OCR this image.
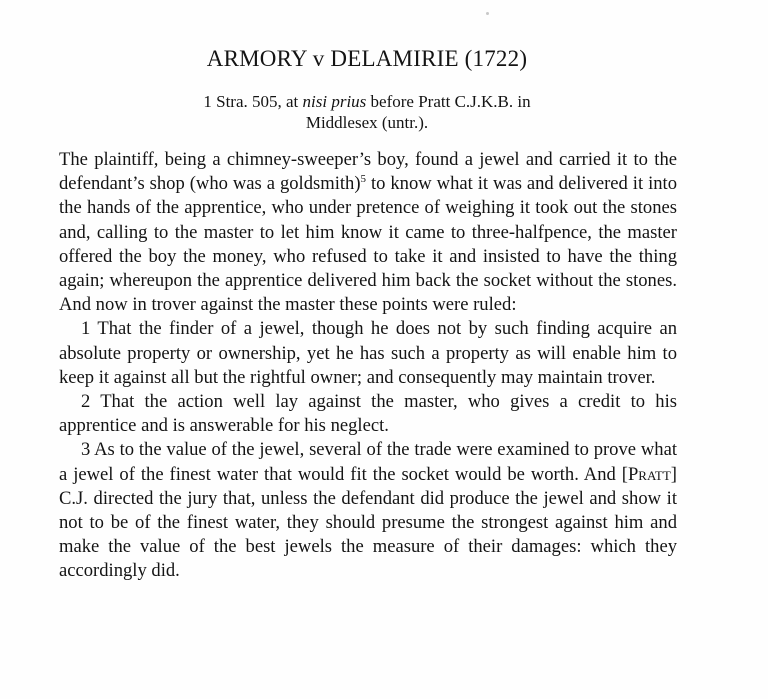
ARMORY v DELAMIRIE (1722)
1 Stra. 505, at nisi prius before Pratt C.J.K.B. in
Middlesex (untr.).
The plaintiff, being a chimney-sweeper’s boy, found a jewel and carried it to the defendant’s shop (who was a goldsmith)$^5$ to know what it was and delivered it into the hands of the apprentice, who under pretence of weighing it took out the stones and, calling to the master to let him know it came to three-halfpence, the master offered the boy the money, who refused to take it and insisted to have the thing again; whereupon the apprentice delivered him back the socket without the stones. And now in trover against the master these points were ruled:
1 That the finder of a jewel, though he does not by such finding acquire an absolute property or ownership, yet he has such a property as will enable him to keep it against all but the rightful owner; and consequently may maintain trover.
2 That the action well lay against the master, who gives a credit to his apprentice and is answerable for his neglect.
3 As to the value of the jewel, several of the trade were examined to prove what a jewel of the finest water that would fit the socket would be worth. And [Pratt] C.J. directed the jury that, unless the defendant did produce the jewel and show it not to be of the finest water, they should presume the strongest against him and make the value of the best jewels the measure of their damages: which they accordingly did.
